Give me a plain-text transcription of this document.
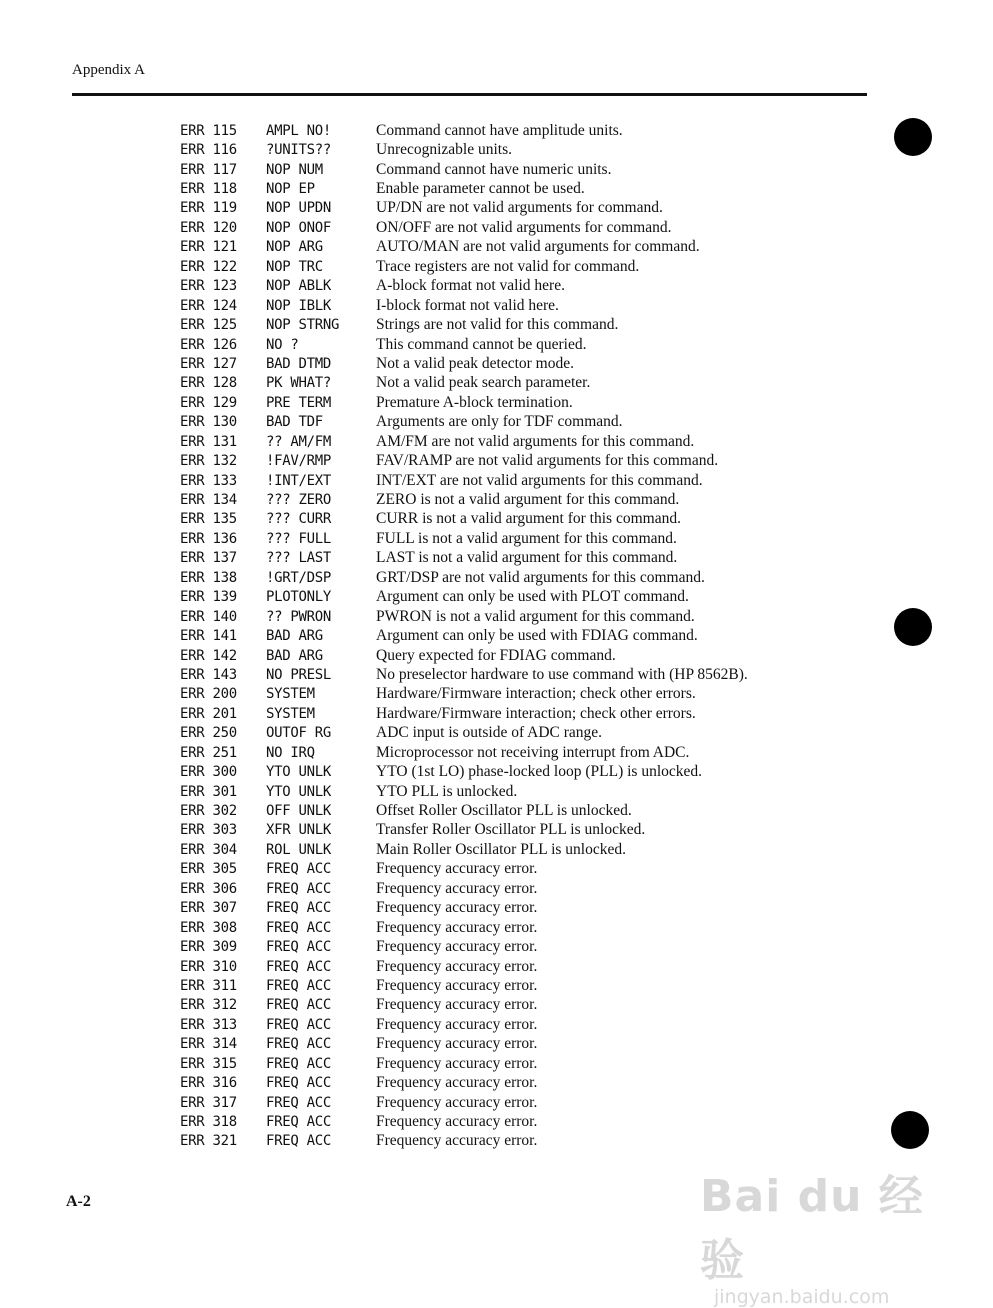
Appendix A
ERR 115	AMPL NO!	Command cannot have amplitude units.
ERR 116	?UNITS??	Unrecognizable units.
ERR 117	NOP NUM	Command cannot have numeric units.
ERR 118	NOP EP	Enable parameter cannot be used.
ERR 119	NOP UPDN	UP/DN are not valid arguments for command.
ERR 120	NOP ONOF	ON/OFF are not valid arguments for command.
ERR 121	NOP ARG	AUTO/MAN are not valid arguments for command.
ERR 122	NOP TRC	Trace registers are not valid for command.
ERR 123	NOP ABLK	A-block format not valid here.
ERR 124	NOP IBLK	I-block format not valid here.
ERR 125	NOP STRNG	Strings are not valid for this command.
ERR 126	NO ?	This command cannot be queried.
ERR 127	BAD DTMD	Not a valid peak detector mode.
ERR 128	PK WHAT?	Not a valid peak search parameter.
ERR 129	PRE TERM	Premature A-block termination.
ERR 130	BAD TDF	Arguments are only for TDF command.
ERR 131	?? AM/FM	AM/FM are not valid arguments for this command.
ERR 132	!FAV/RMP	FAV/RAMP are not valid arguments for this command.
ERR 133	!INT/EXT	INT/EXT are not valid arguments for this command.
ERR 134	??? ZERO	ZERO is not a valid argument for this command.
ERR 135	??? CURR	CURR is not a valid argument for this command.
ERR 136	??? FULL	FULL is not a valid argument for this command.
ERR 137	??? LAST	LAST is not a valid argument for this command.
ERR 138	!GRT/DSP	GRT/DSP are not valid arguments for this command.
ERR 139	PLOTONLY	Argument can only be used with PLOT command.
ERR 140	?? PWRON	PWRON is not a valid argument for this command.
ERR 141	BAD ARG	Argument can only be used with FDIAG command.
ERR 142	BAD ARG	Query expected for FDIAG command.
ERR 143	NO PRESL	No preselector hardware to use command with (HP 8562B).
ERR 200	SYSTEM	Hardware/Firmware interaction; check other errors.
ERR 201	SYSTEM	Hardware/Firmware interaction; check other errors.
ERR 250	OUTOF RG	ADC input is outside of ADC range.
ERR 251	NO IRQ	Microprocessor not receiving interrupt from ADC.
ERR 300	YTO UNLK	YTO (1st LO) phase-locked loop (PLL) is unlocked.
ERR 301	YTO UNLK	YTO PLL is unlocked.
ERR 302	OFF UNLK	Offset Roller Oscillator PLL is unlocked.
ERR 303	XFR UNLK	Transfer Roller Oscillator PLL is unlocked.
ERR 304	ROL UNLK	Main Roller Oscillator PLL is unlocked.
ERR 305	FREQ ACC	Frequency accuracy error.
ERR 306	FREQ ACC	Frequency accuracy error.
ERR 307	FREQ ACC	Frequency accuracy error.
ERR 308	FREQ ACC	Frequency accuracy error.
ERR 309	FREQ ACC	Frequency accuracy error.
ERR 310	FREQ ACC	Frequency accuracy error.
ERR 311	FREQ ACC	Frequency accuracy error.
ERR 312	FREQ ACC	Frequency accuracy error.
ERR 313	FREQ ACC	Frequency accuracy error.
ERR 314	FREQ ACC	Frequency accuracy error.
ERR 315	FREQ ACC	Frequency accuracy error.
ERR 316	FREQ ACC	Frequency accuracy error.
ERR 317	FREQ ACC	Frequency accuracy error.
ERR 318	FREQ ACC	Frequency accuracy error.
ERR 321	FREQ ACC	Frequency accuracy error.
A-2	Bai du 经验
jingyan.baidu.com
